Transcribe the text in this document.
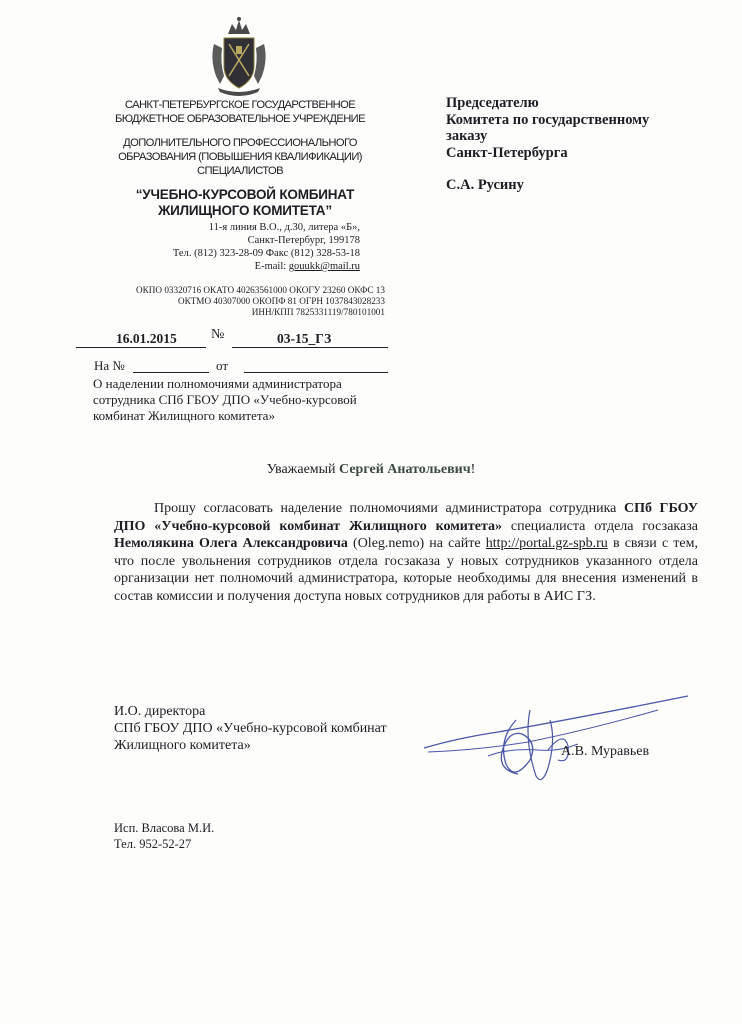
САНКТ-ПЕТЕРБУРГСКОЕ ГОСУДАРСТВЕННОЕ
БЮДЖЕТНОЕ ОБРАЗОВАТЕЛЬНОЕ УЧРЕЖДЕНИЕ
ДОПОЛНИТЕЛЬНОГО ПРОФЕССИОНАЛЬНОГО
ОБРАЗОВАНИЯ (ПОВЫШЕНИЯ КВАЛИФИКАЦИИ)
СПЕЦИАЛИСТОВ
“УЧЕБНО-КУРСОВОЙ КОМБИНАТ
ЖИЛИЩНОГО КОМИТЕТА”
11-я линия В.О., д.30, литера «Б»,
Санкт-Петербург, 199178
Тел. (812) 323-28-09 Факс (812) 328-53-18
E-mail: gouukk@mail.ru
ОКПО 03320716 ОКАТО 40263561000 ОКОГУ 23260 ОКФС 13
ОКТМО 40307000 ОКОПФ 81 ОГРН 1037843028233
ИНН/КПП 7825331119/780101001
Председателю
Комитета по государственному
заказу
Санкт-Петербурга
С.А. Русину
16.01.2015 №	03-15_ГЗ
На №	от
О наделении полномочиями администратора сотрудника СПб ГБОУ ДПО «Учебно-курсовой комбинат Жилищного комитета»
Уважаемый Сергей Анатольевич!
Прошу согласовать наделение полномочиями администратора сотрудника СПб ГБОУ ДПО «Учебно-курсовой комбинат Жилищного комитета» специалиста отдела госзаказа Немолякина Олега Александровича (Oleg.nemo) на сайте http://portal.gz-spb.ru в связи с тем, что после увольнения сотрудников отдела госзаказа у новых сотрудников указанного отдела организации нет полномочий администратора, которые необходимы для внесения изменений в состав комиссии и получения доступа новых сотрудников для работы в АИС ГЗ.
И.О. директора
СПб ГБОУ ДПО «Учебно-курсовой комбинат
Жилищного комитета»	А.В. Муравьев
Исп. Власова М.И.
Тел. 952-52-27
